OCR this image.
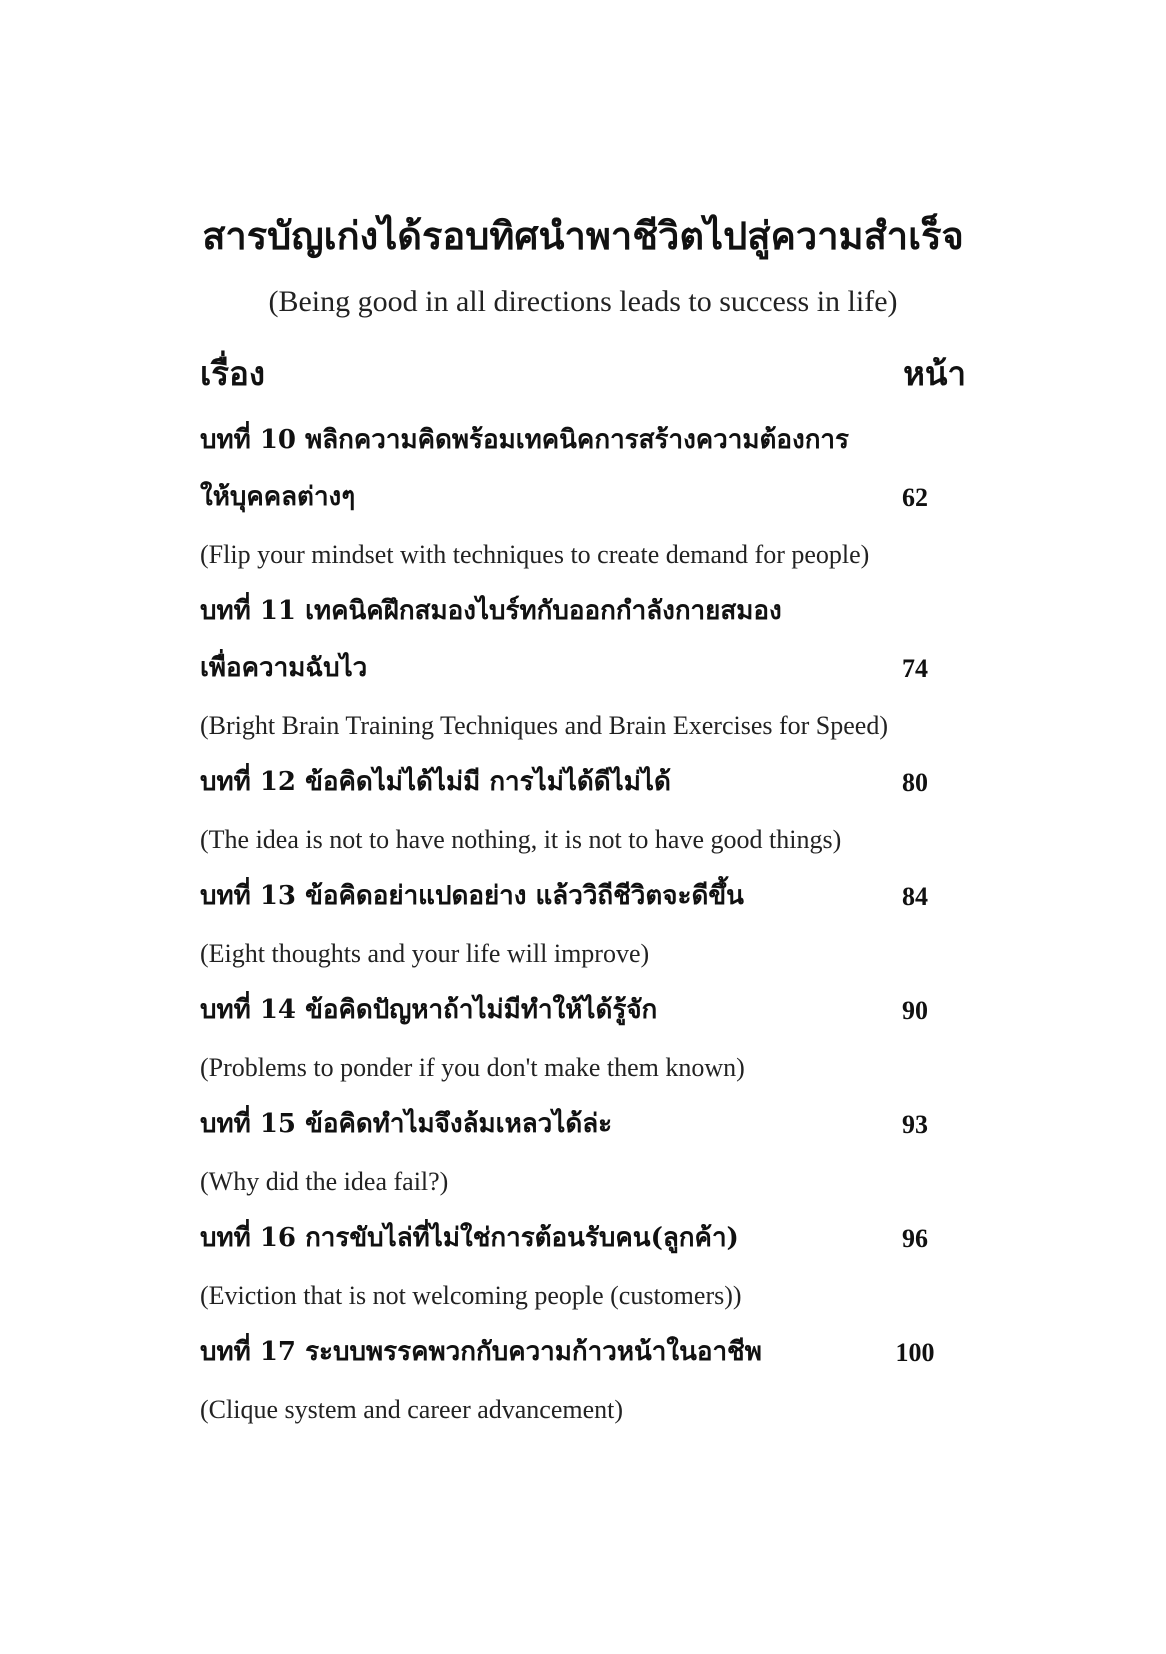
สารบัญเก่งได้รอบทิศนำพาชีวิตไปสู่ความสำเร็จ

(Being good in all directions leads to success in life)

เรื่อง	หน้า
บทที่ 10 พลิกความคิดพร้อมเทคนิคการสร้างความต้องการ
ให้บุคคลต่างๆ	62
(Flip your mindset with techniques to create demand for people)
บทที่ 11 เทคนิคฝึกสมองไบร์ทกับออกกำลังกายสมอง
เพื่อความฉับไว	74
(Bright Brain Training Techniques and Brain Exercises for Speed)
บทที่ 12 ข้อคิดไม่ได้ไม่มี การไม่ได้ดีไม่ได้	80
(The idea is not to have nothing, it is not to have good things)
บทที่ 13 ข้อคิดอย่าแปดอย่าง แล้ววิถีชีวิตจะดีขึ้น	84
(Eight thoughts and your life will improve)
บทที่ 14 ข้อคิดปัญหาถ้าไม่มีทำให้ได้รู้จัก	90
(Problems to ponder if you don't make them known)
บทที่ 15 ข้อคิดทำไมจึงล้มเหลวได้ล่ะ	93
(Why did the idea fail?)
บทที่ 16 การขับไล่ที่ไม่ใช่การต้อนรับคน(ลูกค้า)	96
(Eviction that is not welcoming people (customers))
บทที่ 17 ระบบพรรคพวกกับความก้าวหน้าในอาชีพ	100
(Clique system and career advancement)
